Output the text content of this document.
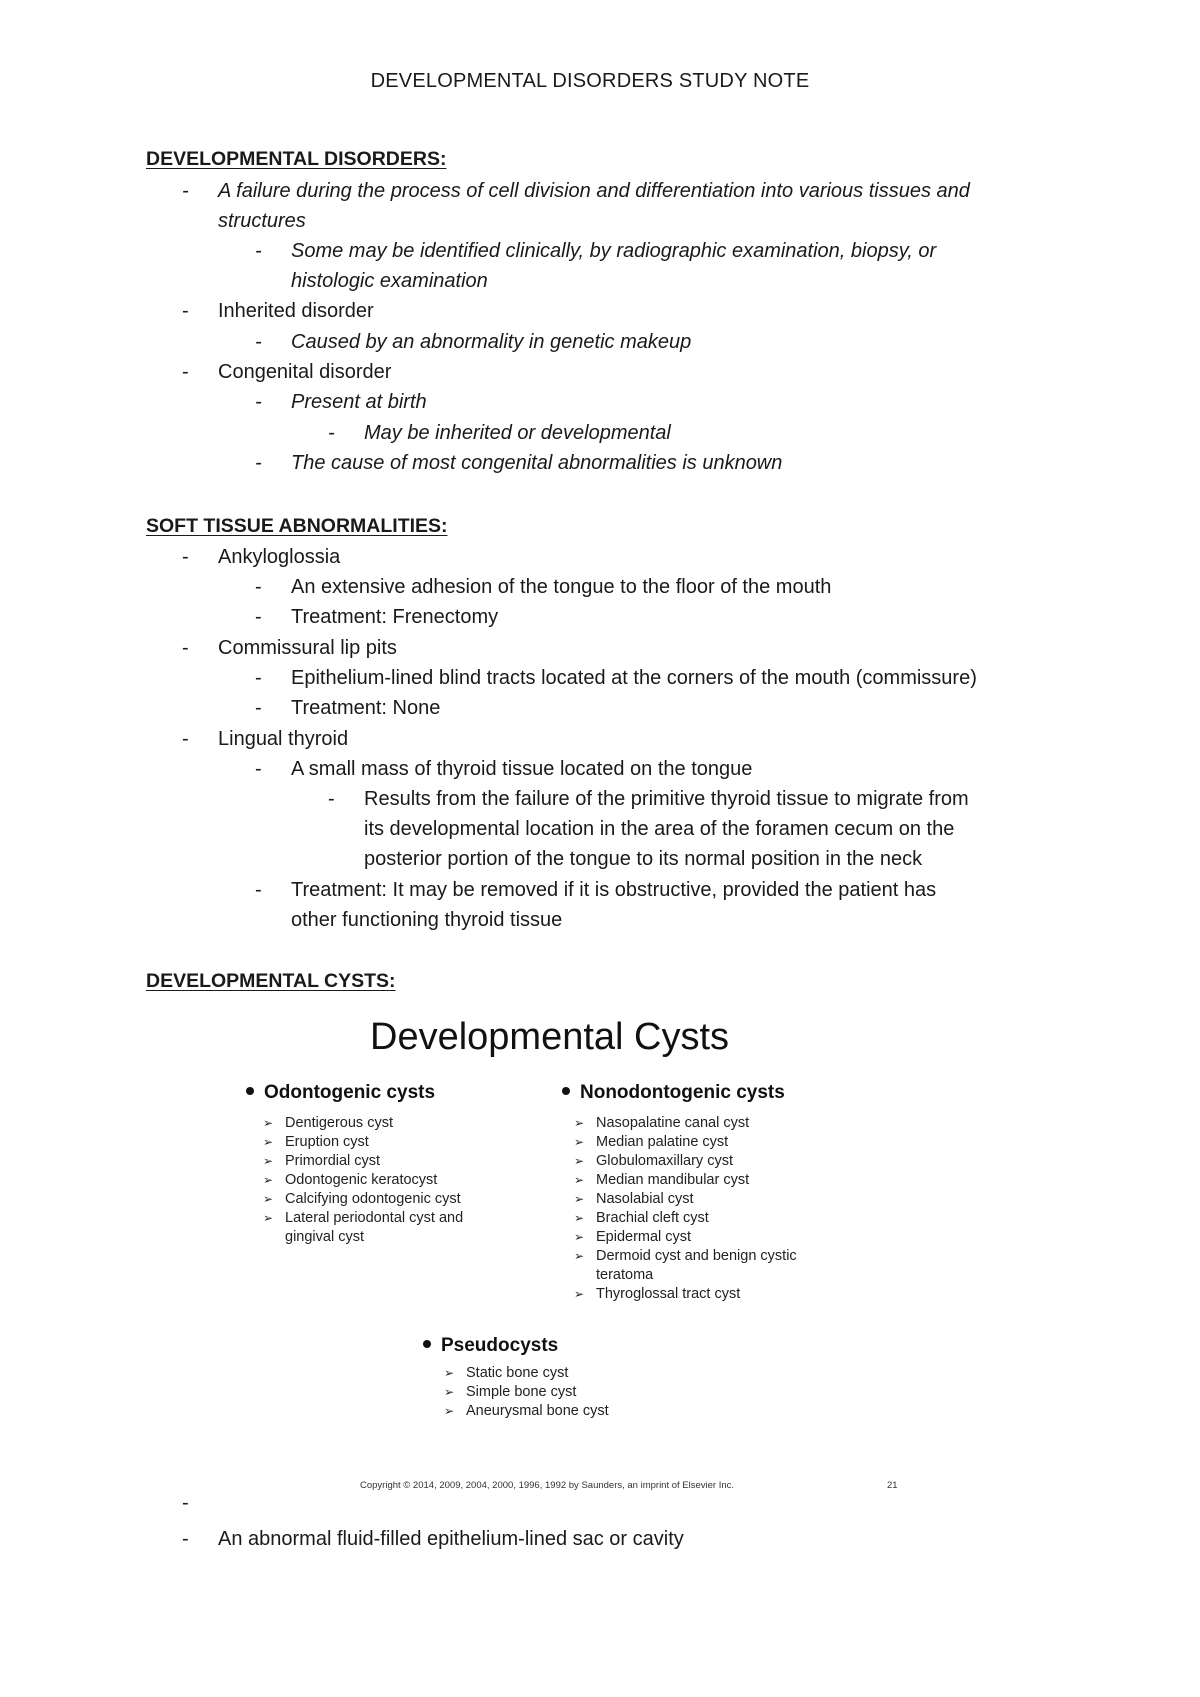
DEVELOPMENTAL DISORDERS STUDY NOTE
DEVELOPMENTAL DISORDERS:
- A failure during the process of cell division and differentiation into various tissues and
structures
- Some may be identified clinically, by radiographic examination, biopsy, or
histologic examination
- Inherited disorder
- Caused by an abnormality in genetic makeup
- Congenital disorder
- Present at birth
- May be inherited or developmental
- The cause of most congenital abnormalities is unknown
SOFT TISSUE ABNORMALITIES:
- Ankyloglossia
- An extensive adhesion of the tongue to the floor of the mouth
- Treatment: Frenectomy
- Commissural lip pits
- Epithelium-lined blind tracts located at the corners of the mouth (commissure)
- Treatment: None
- Lingual thyroid
- A small mass of thyroid tissue located on the tongue
- Results from the failure of the primitive thyroid tissue to migrate from
its developmental location in the area of the foramen cecum on the
posterior portion of the tongue to its normal position in the neck
- Treatment: It may be removed if it is obstructive, provided the patient has
other functioning thyroid tissue
DEVELOPMENTAL CYSTS:
Developmental Cysts
Odontogenic cysts
➢ Dentigerous cyst
➢ Eruption cyst
➢ Primordial cyst
➢ Odontogenic keratocyst
➢ Calcifying odontogenic cyst
➢ Lateral periodontal cyst and
gingival cyst
Nonodontogenic cysts
➢ Nasopalatine canal cyst
➢ Median palatine cyst
➢ Globulomaxillary cyst
➢ Median mandibular cyst
➢ Nasolabial cyst
➢ Brachial cleft cyst
➢ Epidermal cyst
➢ Dermoid cyst and benign cystic
teratoma
➢ Thyroglossal tract cyst
Pseudocysts
➢ Static bone cyst
➢ Simple bone cyst
➢ Aneurysmal bone cyst
Copyright © 2014, 2009, 2004, 2000, 1996, 1992 by Saunders, an imprint of Elsevier Inc.	21
-
- An abnormal fluid-filled epithelium-lined sac or cavity
